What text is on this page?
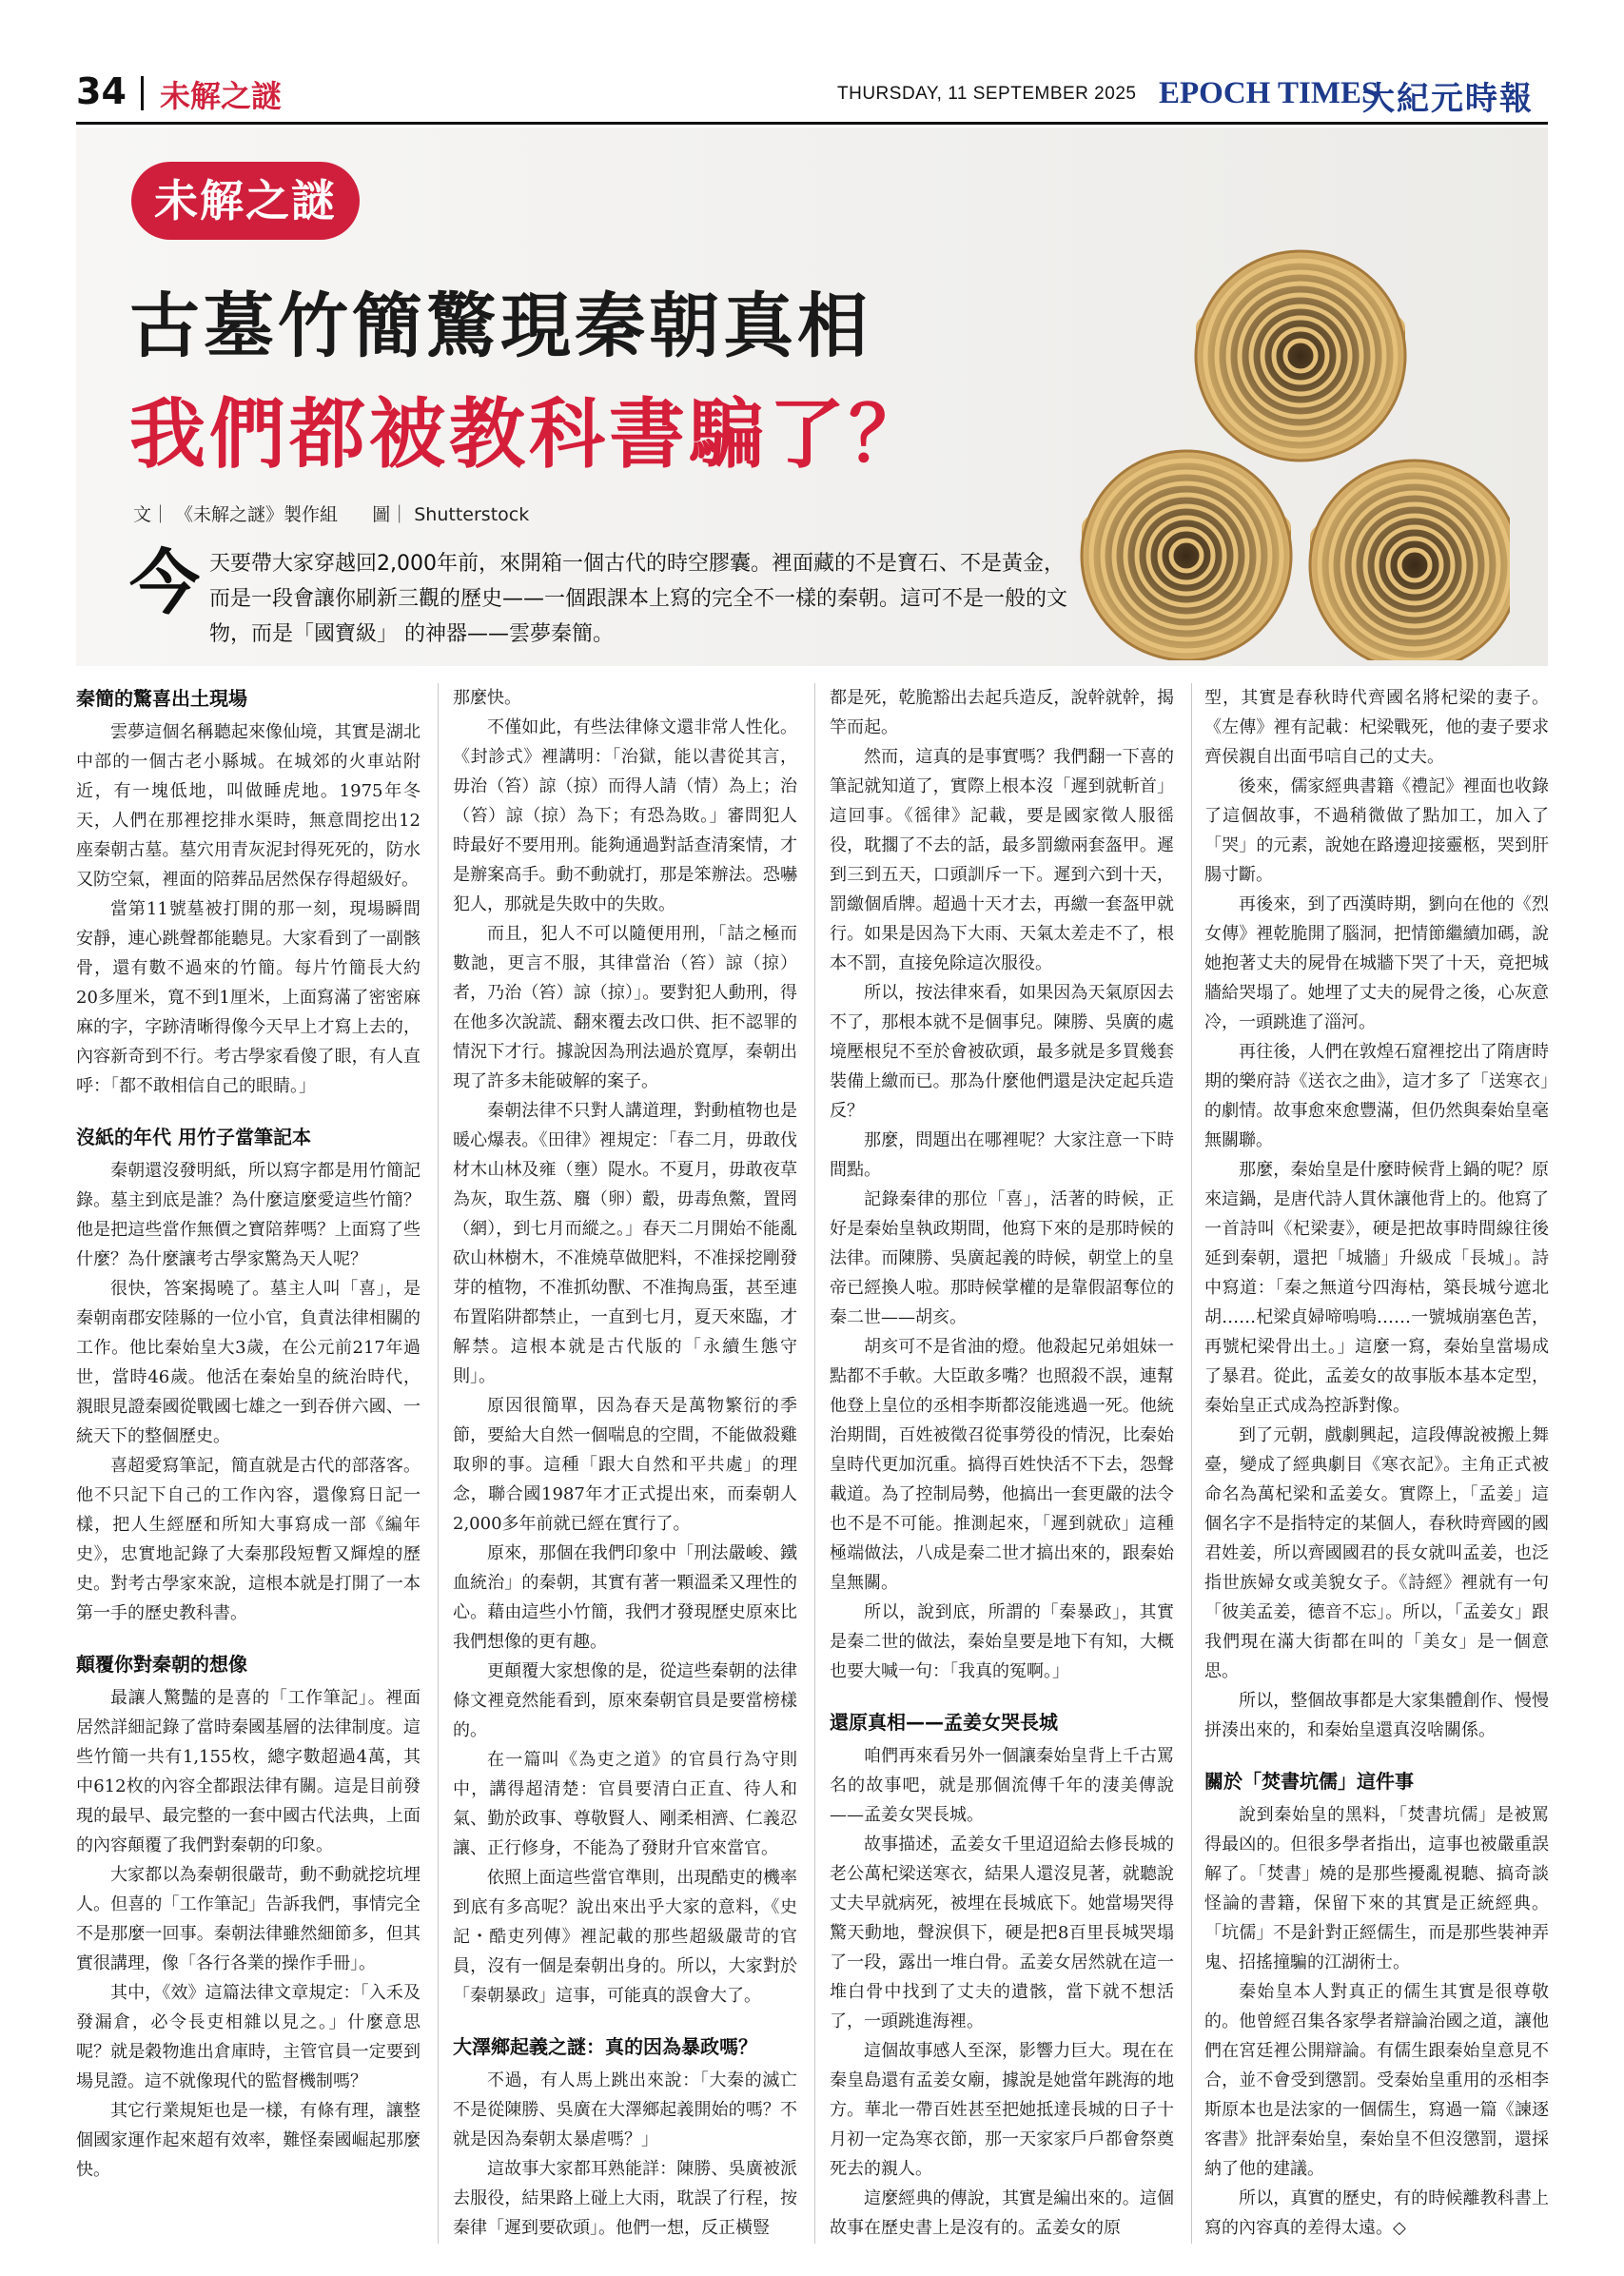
34 未解之謎	THURSDAY, 11 SEPTEMBER 2025 EPOCH TIMES
大紀元時報
未解之謎
古墓竹簡驚現秦朝真相
我們都被教科書騙了？
文｜ 《未解之謎》製作組 圖｜ Shutterstock
今天要帶大家穿越回2,000年前，來開箱一個古代的時空膠囊。裡面藏的不是寶石、不是黃金，而是一段會讓你刷新三觀的歷史——一個跟課本上寫的完全不一樣的秦朝。這可不是一般的文物，而是「國寶級」 的神器——雲夢秦簡。
秦簡的驚喜出土現場

雲夢這個名稱聽起來像仙境，其實是湖北中部的一個古老小縣城。在城郊的火車站附近，有一塊低地，叫做睡虎地。1975年冬天，人們在那裡挖排水渠時，無意間挖出12座秦朝古墓。墓穴用青灰泥封得死死的，防水又防空氣，裡面的陪葬品居然保存得超級好。

當第11號墓被打開的那一刻，現場瞬間安靜，連心跳聲都能聽見。大家看到了一副骸骨，還有數不過來的竹簡。每片竹簡長大約20多厘米，寬不到1厘米，上面寫滿了密密麻麻的字，字跡清晰得像今天早上才寫上去的，內容新奇到不行。考古學家看傻了眼，有人直呼：「都不敢相信自己的眼睛。」

沒紙的年代 用竹子當筆記本

秦朝還沒發明紙，所以寫字都是用竹簡記錄。墓主到底是誰？為什麼這麼愛這些竹簡？他是把這些當作無價之寶陪葬嗎？上面寫了些什麼？為什麼讓考古學家驚為天人呢？

很快，答案揭曉了。墓主人叫「喜」，是秦朝南郡安陸縣的一位小官，負責法律相關的工作。他比秦始皇大3歲，在公元前217年過世，當時46歲。他活在秦始皇的統治時代，親眼見證秦國從戰國七雄之一到吞併六國、一統天下的整個歷史。

喜超愛寫筆記，簡直就是古代的部落客。他不只記下自己的工作內容，還像寫日記一樣，把人生經歷和所知大事寫成一部《編年史》，忠實地記錄了大秦那段短暫又輝煌的歷史。對考古學家來說，這根本就是打開了一本第一手的歷史教科書。

顛覆你對秦朝的想像

最讓人驚豔的是喜的「工作筆記」。裡面居然詳細記錄了當時秦國基層的法律制度。這些竹簡一共有1,155枚，總字數超過4萬，其中612枚的內容全都跟法律有關。這是目前發現的最早、最完整的一套中國古代法典，上面的內容顛覆了我們對秦朝的印象。

大家都以為秦朝很嚴苛，動不動就挖坑埋人。但喜的「工作筆記」告訴我們，事情完全不是那麼一回事。秦朝法律雖然細節多，但其實很講理，像「各行各業的操作手冊」。

其中，《效》這篇法律文章規定：「入禾及發漏倉，必令長吏相雜以見之。」什麼意思呢？就是穀物進出倉庫時，主管官員一定要到場見證。這不就像現代的監督機制嗎？

其它行業規矩也是一樣，有條有理，讓整個國家運作起來超有效率，難怪秦國崛起那麼快。

那麼快。

不僅如此，有些法律條文還非常人性化。《封診式》裡講明：「治獄，能以書從其言，毋治（笞）諒（掠）而得人請（情）為上；治（笞）諒（掠）為下；有恐為敗。」審問犯人時最好不要用刑。能夠通過對話查清案情，才是辦案高手。動不動就打，那是笨辦法。恐嚇犯人，那就是失敗中的失敗。

而且，犯人不可以隨便用刑，「詰之極而數訑，更言不服，其律當治（笞）諒（掠）者，乃治（笞）諒（掠）」。要對犯人動刑，得在他多次說謊、翻來覆去改口供、拒不認罪的情況下才行。據說因為刑法過於寬厚，秦朝出現了許多未能破解的案子。

秦朝法律不只對人講道理，對動植物也是暖心爆表。《田律》裡規定：「春二月，毋敢伐材木山林及雍（壅）隄水。不夏月，毋敢夜草為灰，取生荔、麛（卵）鷇，毋毒魚鱉，置罔（網），到七月而縱之。」春天二月開始不能亂砍山林樹木，不准燒草做肥料，不准採挖剛發芽的植物，不准抓幼獸、不准掏鳥蛋，甚至連布置陷阱都禁止，一直到七月，夏天來臨，才解禁。這根本就是古代版的「永續生態守則」。

原因很簡單，因為春天是萬物繁衍的季節，要給大自然一個喘息的空間，不能做殺雞取卵的事。這種「跟大自然和平共處」的理念，聯合國1987年才正式提出來，而秦朝人2,000多年前就已經在實行了。

原來，那個在我們印象中「刑法嚴峻、鐵血統治」的秦朝，其實有著一顆溫柔又理性的心。藉由這些小竹簡，我們才發現歷史原來比我們想像的更有趣。

更顛覆大家想像的是，從這些秦朝的法律條文裡竟然能看到，原來秦朝官員是要當榜樣的。

在一篇叫《為吏之道》的官員行為守則中，講得超清楚：官員要清白正直、待人和氣、勤於政事、尊敬賢人、剛柔相濟、仁義忍讓、正行修身，不能為了發財升官來當官。

依照上面這些當官準則，出現酷吏的機率到底有多高呢？說出來出乎大家的意料，《史記・酷吏列傳》裡記載的那些超級嚴苛的官員，沒有一個是秦朝出身的。所以，大家對於「秦朝暴政」這事，可能真的誤會大了。

大澤鄉起義之謎：真的因為暴政嗎？

不過，有人馬上跳出來說：「大秦的滅亡不是從陳勝、吳廣在大澤鄉起義開始的嗎？不就是因為秦朝太暴虐嗎？」

這故事大家都耳熟能詳：陳勝、吳廣被派去服役，結果路上碰上大雨，耽誤了行程，按秦律「遲到要砍頭」。他們一想，反正橫豎

都是死，乾脆豁出去起兵造反，說幹就幹，揭竿而起。

然而，這真的是事實嗎？我們翻一下喜的筆記就知道了，實際上根本沒「遲到就斬首」這回事。《徭律》記載，要是國家徵人服徭役，耽擱了不去的話，最多罰繳兩套盔甲。遲到三到五天，口頭訓斥一下。遲到六到十天，罰繳個盾牌。超過十天才去，再繳一套盔甲就行。如果是因為下大雨、天氣太差走不了，根本不罰，直接免除這次服役。

所以，按法律來看，如果因為天氣原因去不了，那根本就不是個事兒。陳勝、吳廣的處境壓根兒不至於會被砍頭，最多就是多買幾套裝備上繳而已。那為什麼他們還是決定起兵造反？

那麼，問題出在哪裡呢？大家注意一下時間點。

記錄秦律的那位「喜」，活著的時候，正好是秦始皇執政期間，他寫下來的是那時候的法律。而陳勝、吳廣起義的時候，朝堂上的皇帝已經換人啦。那時候掌權的是靠假詔奪位的秦二世——胡亥。

胡亥可不是省油的燈。他殺起兄弟姐妹一點都不手軟。大臣敢多嘴？也照殺不誤，連幫他登上皇位的丞相李斯都沒能逃過一死。他統治期間，百姓被徵召從事勞役的情況，比秦始皇時代更加沉重。搞得百姓快活不下去，怨聲載道。為了控制局勢，他搞出一套更嚴的法令也不是不可能。推測起來，「遲到就砍」這種極端做法，八成是秦二世才搞出來的，跟秦始皇無關。

所以，說到底，所謂的「秦暴政」，其實是秦二世的做法，秦始皇要是地下有知，大概也要大喊一句：「我真的冤啊。」

還原真相——孟姜女哭長城

咱們再來看另外一個讓秦始皇背上千古罵名的故事吧，就是那個流傳千年的淒美傳說——孟姜女哭長城。

故事描述，孟姜女千里迢迢給去修長城的老公萬杞梁送寒衣，結果人還沒見著，就聽說丈夫早就病死，被埋在長城底下。她當場哭得驚天動地，聲淚俱下，硬是把8百里長城哭塌了一段，露出一堆白骨。孟姜女居然就在這一堆白骨中找到了丈夫的遺骸，當下就不想活了，一頭跳進海裡。

這個故事感人至深，影響力巨大。現在在秦皇島還有孟姜女廟，據說是她當年跳海的地方。華北一帶百姓甚至把她抵達長城的日子十月初一定為寒衣節，那一天家家戶戶都會祭奠死去的親人。

這麼經典的傳說，其實是編出來的。這個故事在歷史書上是沒有的。孟姜女的原

型，其實是春秋時代齊國名將杞梁的妻子。《左傳》裡有記載：杞梁戰死，他的妻子要求齊侯親自出面弔唁自己的丈夫。

後來，儒家經典書籍《禮記》裡面也收錄了這個故事，不過稍微做了點加工，加入了「哭」的元素，說她在路邊迎接靈柩，哭到肝腸寸斷。

再後來，到了西漢時期，劉向在他的《烈女傳》裡乾脆開了腦洞，把情節繼續加碼，說她抱著丈夫的屍骨在城牆下哭了十天，竟把城牆給哭塌了。她埋了丈夫的屍骨之後，心灰意冷，一頭跳進了淄河。

再往後，人們在敦煌石窟裡挖出了隋唐時期的樂府詩《送衣之曲》，這才多了「送寒衣」的劇情。故事愈來愈豐滿，但仍然與秦始皇毫無關聯。

那麼，秦始皇是什麼時候背上鍋的呢？原來這鍋，是唐代詩人貫休讓他背上的。他寫了一首詩叫《杞梁妻》，硬是把故事時間線往後延到秦朝，還把「城牆」升級成「長城」。詩中寫道：「秦之無道兮四海枯，築長城兮遮北胡……杞梁貞婦啼嗚嗚……一號城崩塞色苦，再號杞梁骨出土。」這麼一寫，秦始皇當場成了暴君。從此，孟姜女的故事版本基本定型，秦始皇正式成為控訴對像。

到了元朝，戲劇興起，這段傳說被搬上舞臺，變成了經典劇目《寒衣記》。主角正式被命名為萬杞梁和孟姜女。實際上，「孟姜」這個名字不是指特定的某個人，春秋時齊國的國君姓姜，所以齊國國君的長女就叫孟姜，也泛指世族婦女或美貌女子。《詩經》裡就有一句「彼美孟姜，德音不忘」。所以，「孟姜女」跟我們現在滿大街都在叫的「美女」是一個意思。

所以，整個故事都是大家集體創作、慢慢拼湊出來的，和秦始皇還真沒啥關係。

關於「焚書坑儒」這件事

說到秦始皇的黑料，「焚書坑儒」是被罵得最凶的。但很多學者指出，這事也被嚴重誤解了。「焚書」燒的是那些擾亂視聽、搞奇談怪論的書籍，保留下來的其實是正統經典。「坑儒」不是針對正經儒生，而是那些裝神弄鬼、招搖撞騙的江湖術士。

秦始皇本人對真正的儒生其實是很尊敬的。他曾經召集各家學者辯論治國之道，讓他們在宮廷裡公開辯論。有儒生跟秦始皇意見不合，並不會受到懲罰。受秦始皇重用的丞相李斯原本也是法家的一個儒生，寫過一篇《諫逐客書》批評秦始皇，秦始皇不但沒懲罰，還採納了他的建議。

所以，真實的歷史，有的時候離教科書上寫的內容真的差得太遠。◇
